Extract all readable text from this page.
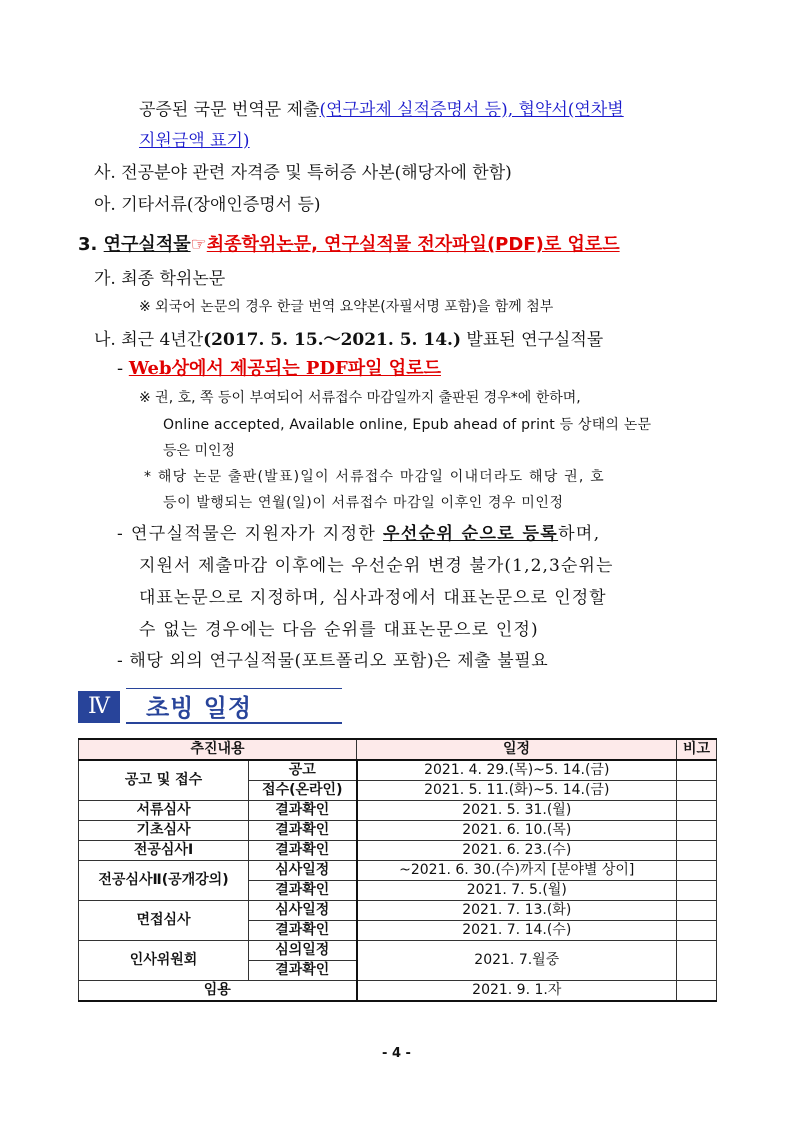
공증된 국문 번역문 제출(연구과제 실적증명서 등), 협약서(연차별
지원금액 표기)
사. 전공분야 관련 자격증 및 특허증 사본(해당자에 한함)
아. 기타서류(장애인증명서 등)
3. 연구실적물☞최종학위논문, 연구실적물 전자파일(PDF)로 업로드
가. 최종 학위논문
※ 외국어 논문의 경우 한글 번역 요약본(자필서명 포함)을 함께 첨부
나. 최근 4년간(2017. 5. 15.～2021. 5. 14.) 발표된 연구실적물
- Web상에서 제공되는 PDF파일 업로드
※ 권, 호, 쪽 등이 부여되어 서류접수 마감일까지 출판된 경우*에 한하며,
Online accepted, Available online, Epub ahead of print 등 상태의 논문
등은 미인정
* 해당 논문 출판(발표)일이 서류접수 마감일 이내더라도 해당 권, 호
등이 발행되는 연월(일)이 서류접수 마감일 이후인 경우 미인정
- 연구실적물은 지원자가 지정한 우선순위 순으로 등록하며,
지원서 제출마감 이후에는 우선순위 변경 불가(1,2,3순위는
대표논문으로 지정하며, 심사과정에서 대표논문으로 인정할
수 없는 경우에는 다음 순위를 대표논문으로 인정)
- 해당 외의 연구실적물(포트폴리오 포함)은 제출 불필요
Ⅳ	초빙 일정
추진내용		일정	비고
공고 및 접수	공고	2021. 4. 29.(목)~5. 14.(금)	
	접수(온라인)	2021. 5. 11.(화)~5. 14.(금)	
서류심사	결과확인	2021. 5. 31.(월)	
기초심사	결과확인	2021. 6. 10.(목)	
전공심사Ⅰ	결과확인	2021. 6. 23.(수)	
전공심사Ⅱ(공개강의)	심사일정	~2021. 6. 30.(수)까지 [분야별 상이]	
	결과확인	2021. 7. 5.(월)	
면접심사	심사일정	2021. 7. 13.(화)	
	결과확인	2021. 7. 14.(수)	
인사위원회	심의일정	2021. 7.월중	
	결과확인		
임용		2021. 9. 1.자	
- 4 -
